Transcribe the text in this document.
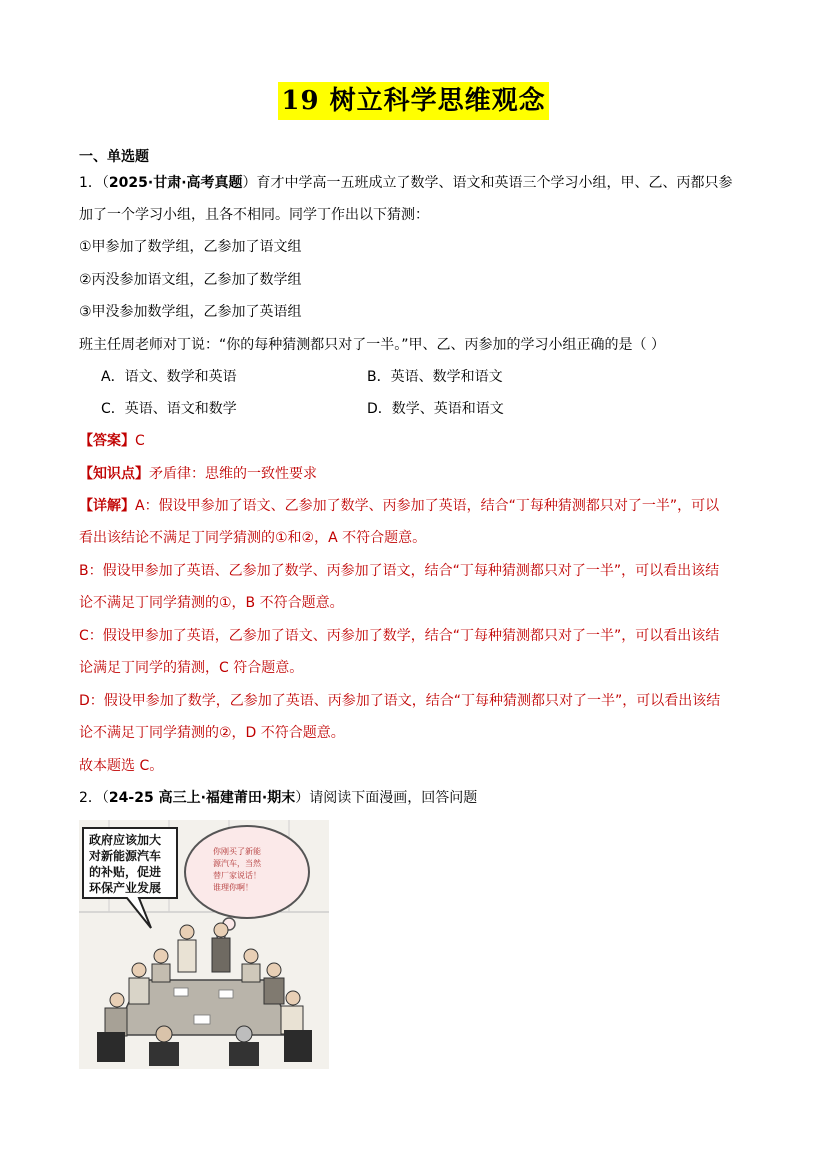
19 树立科学思维观念
一、单选题
1．（2025·甘肃·高考真题）育才中学高一五班成立了数学、语文和英语三个学习小组，甲、乙、丙都只参
加了一个学习小组，且各不相同。同学丁作出以下猜测：
①甲参加了数学组，乙参加了语文组
②丙没参加语文组，乙参加了数学组
③甲没参加数学组，乙参加了英语组
班主任周老师对丁说：“你的每种猜测都只对了一半。”甲、乙、丙参加的学习小组正确的是（ ）
A．语文、数学和英语	B．英语、数学和语文
C．英语、语文和数学	D．数学、英语和语文
【答案】C
【知识点】矛盾律：思维的一致性要求
【详解】A：假设甲参加了语文、乙参加了数学、丙参加了英语，结合“丁每种猜测都只对了一半”，可以
看出该结论不满足丁同学猜测的①和②，A 不符合题意。
B：假设甲参加了英语、乙参加了数学、丙参加了语文，结合“丁每种猜测都只对了一半”，可以看出该结
论不满足丁同学猜测的①，B 不符合题意。
C：假设甲参加了英语，乙参加了语文、丙参加了数学，结合“丁每种猜测都只对了一半”，可以看出该结
论满足丁同学的猜测，C 符合题意。
D：假设甲参加了数学，乙参加了英语、丙参加了语文，结合“丁每种猜测都只对了一半”，可以看出该结
论不满足丁同学猜测的②，D 不符合题意。
故本题选 C。
2．（24-25 高三上·福建莆田·期末）请阅读下面漫画，回答问题
政府应该加大
对新能源汽车
的补贴，促进
环保产业发展
你刚买了新能
源汽车，当然
替厂家说话！
谁理你啊！
